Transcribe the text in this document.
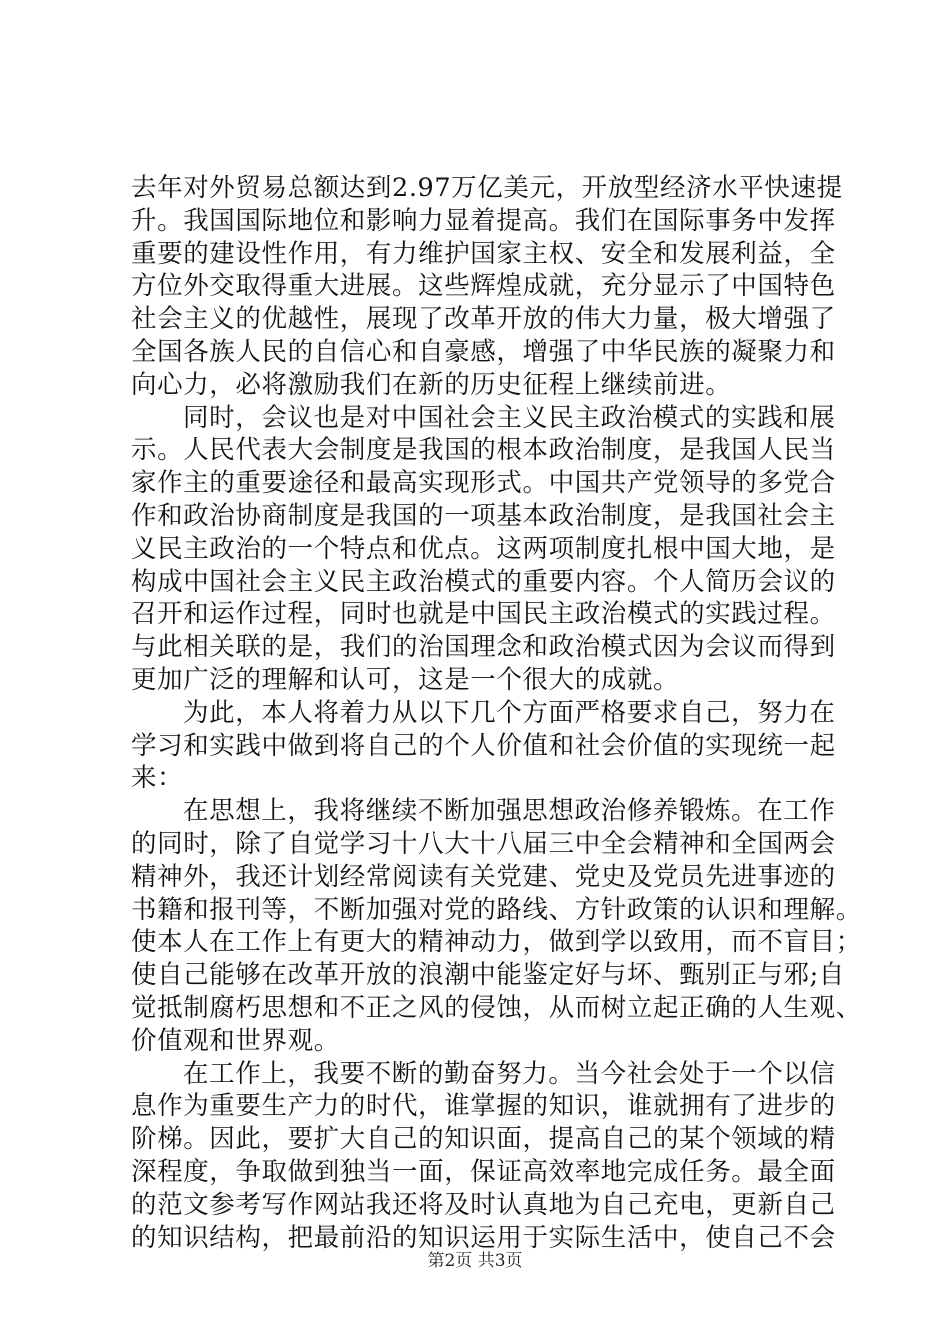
去年对外贸易总额达到2.97万亿美元，开放型经济水平快速提
升。我国国际地位和影响力显着提高。我们在国际事务中发挥
重要的建设性作用，有力维护国家主权、安全和发展利益，全
方位外交取得重大进展。这些辉煌成就，充分显示了中国特色
社会主义的优越性，展现了改革开放的伟大力量，极大增强了
全国各族人民的自信心和自豪感，增强了中华民族的凝聚力和
向心力，必将激励我们在新的历史征程上继续前进。
同时，会议也是对中国社会主义民主政治模式的实践和展
示。人民代表大会制度是我国的根本政治制度，是我国人民当
家作主的重要途径和最高实现形式。中国共产党领导的多党合
作和政治协商制度是我国的一项基本政治制度，是我国社会主
义民主政治的一个特点和优点。这两项制度扎根中国大地，是
构成中国社会主义民主政治模式的重要内容。个人简历会议的
召开和运作过程，同时也就是中国民主政治模式的实践过程。
与此相关联的是，我们的治国理念和政治模式因为会议而得到
更加广泛的理解和认可，这是一个很大的成就。
为此，本人将着力从以下几个方面严格要求自己，努力在
学习和实践中做到将自己的个人价值和社会价值的实现统一起
来：
在思想上，我将继续不断加强思想政治修养锻炼。在工作
的同时，除了自觉学习十八大十八届三中全会精神和全国两会
精神外，我还计划经常阅读有关党建、党史及党员先进事迹的
书籍和报刊等，不断加强对党的路线、方针政策的认识和理解。
使本人在工作上有更大的精神动力，做到学以致用，而不盲目；
使自己能够在改革开放的浪潮中能鉴定好与坏、甄别正与邪;自
觉抵制腐朽思想和不正之风的侵蚀，从而树立起正确的人生观、
价值观和世界观。
在工作上，我要不断的勤奋努力。当今社会处于一个以信
息作为重要生产力的时代，谁掌握的知识，谁就拥有了进步的
阶梯。因此，要扩大自己的知识面，提高自己的某个领域的精
深程度，争取做到独当一面，保证高效率地完成任务。最全面
的范文参考写作网站我还将及时认真地为自己充电，更新自己
的知识结构，把最前沿的知识运用于实际生活中，使自己不会
第2页 共3页
